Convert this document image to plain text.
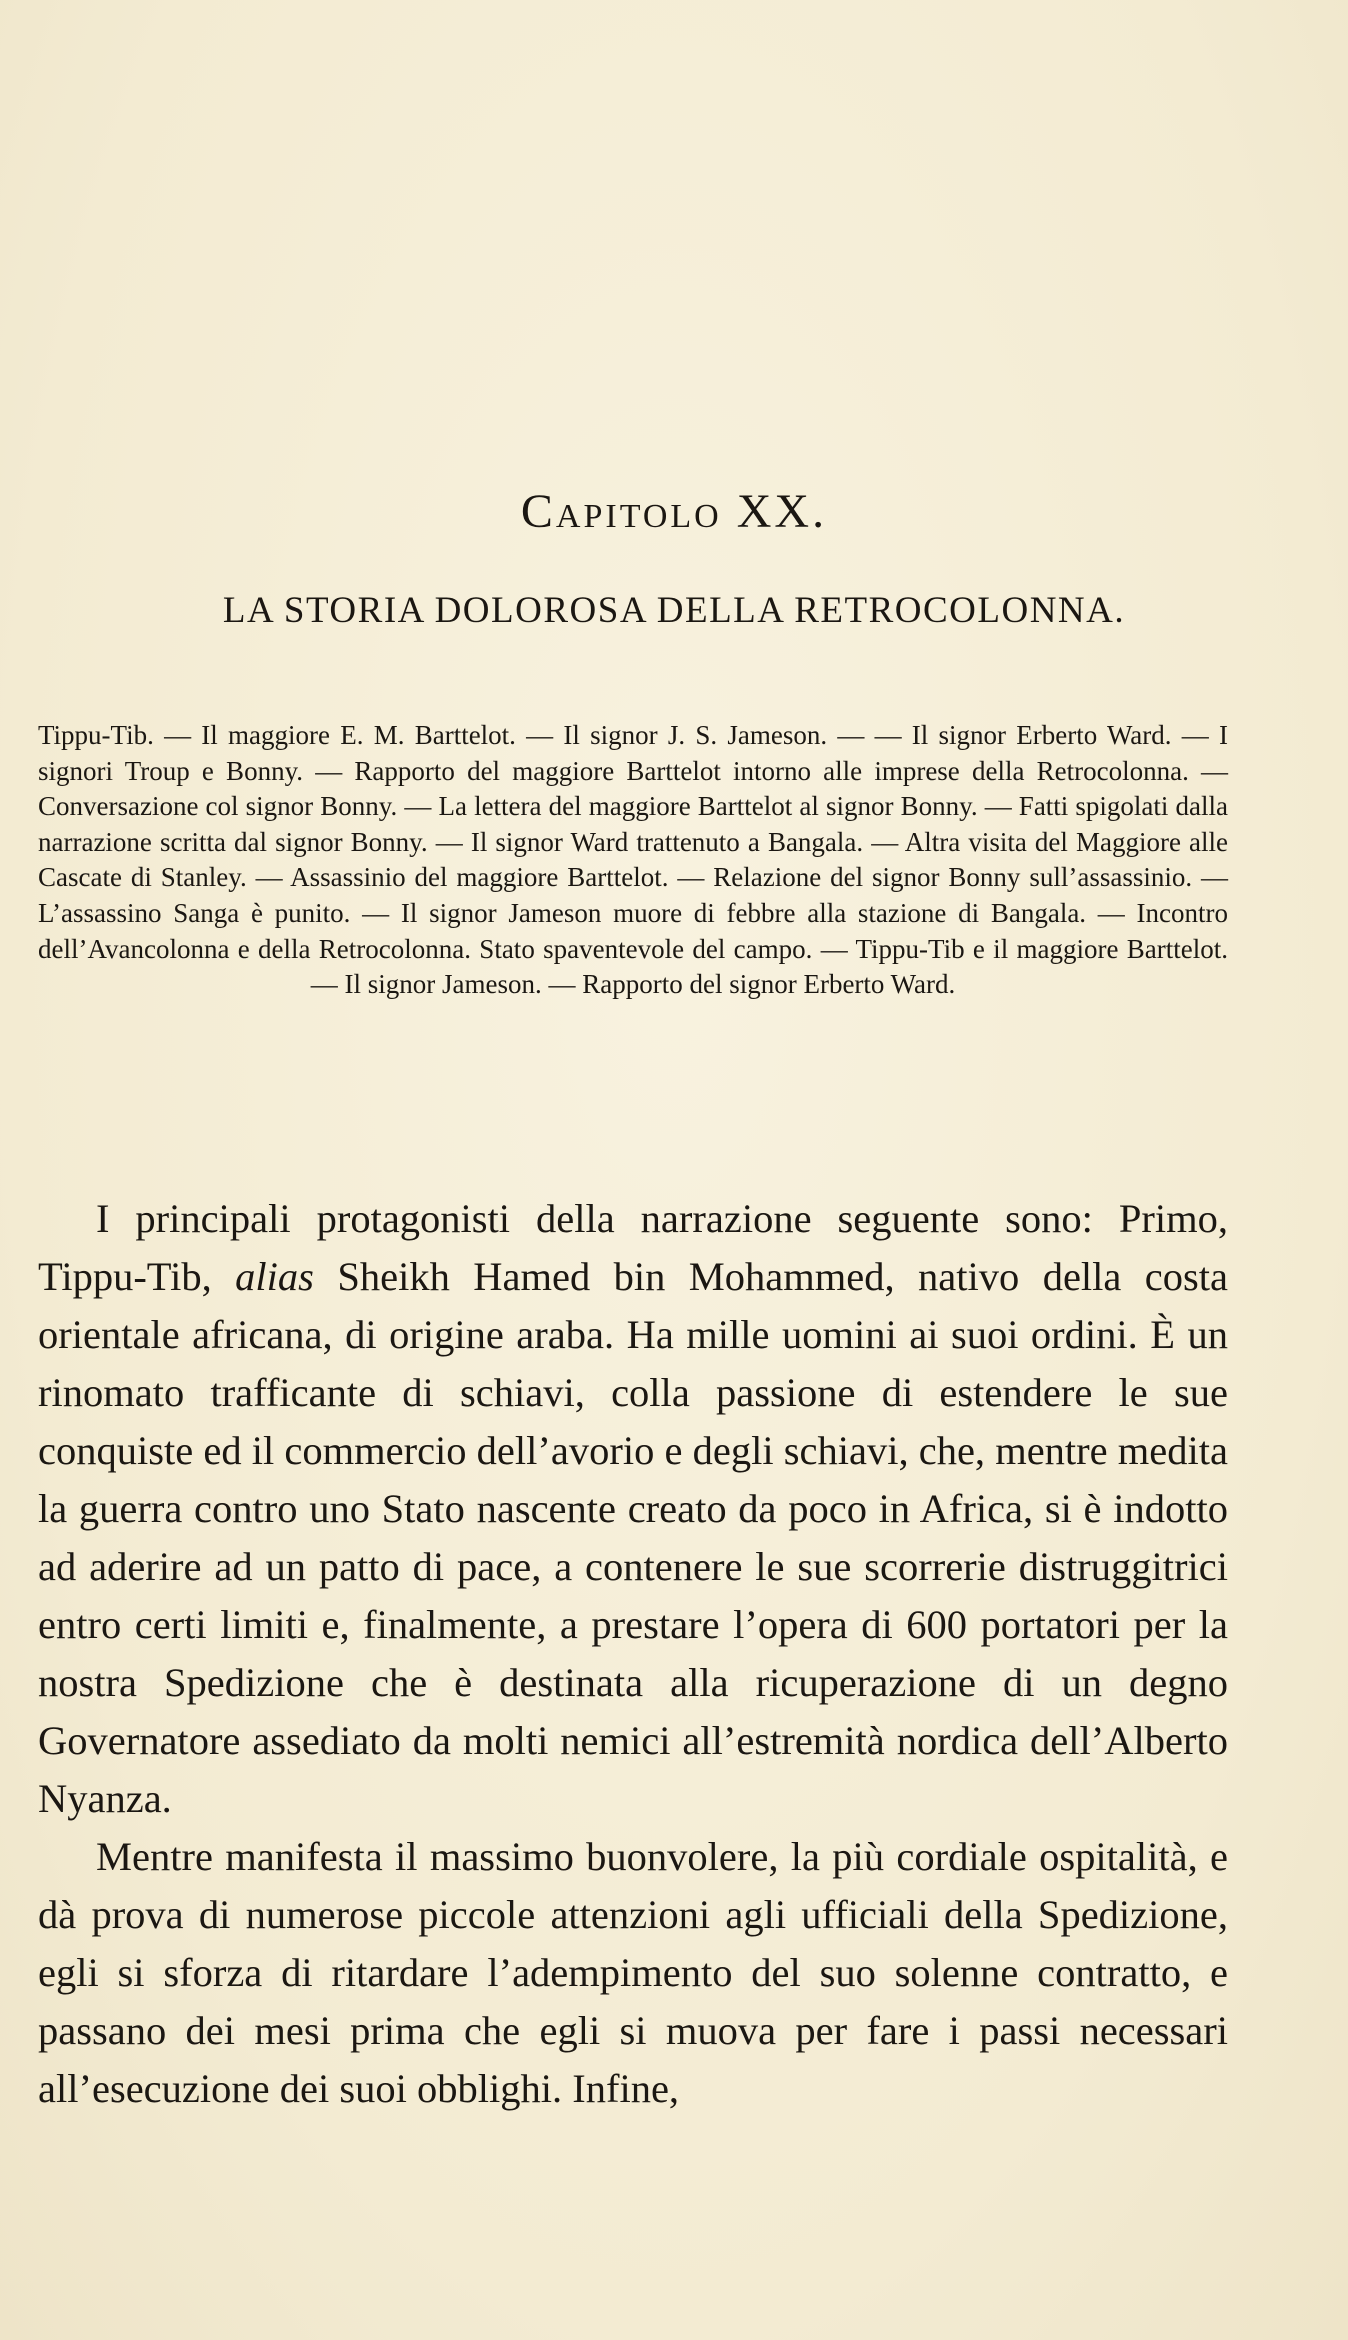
Capitolo XX.
LA STORIA DOLOROSA DELLA RETROCOLONNA.
Tippu-Tib. — Il maggiore E. M. Barttelot. — Il signor J. S. Jameson. — — Il signor Erberto Ward. — I signori Troup e Bonny. — Rapporto del maggiore Barttelot intorno alle imprese della Retrocolonna. — Conversazione col signor Bonny. — La lettera del maggiore Barttelot al signor Bonny. — Fatti spigolati dalla narrazione scritta dal signor Bonny. — Il signor Ward trattenuto a Bangala. — Altra visita del Maggiore alle Cascate di Stanley. — Assassinio del maggiore Barttelot. — Relazione del signor Bonny sull’assassinio. — L’assassino Sanga è punito. — Il signor Jameson muore di febbre alla stazione di Bangala. — Incontro dell’Avancolonna e della Retrocolonna. Stato spaventevole del campo. — Tippu-Tib e il maggiore Barttelot. — Il signor Jameson. — Rapporto del signor Erberto Ward.

I principali protagonisti della narrazione seguente sono: Primo, Tippu-Tib, alias Sheikh Hamed bin Mohammed, nativo della costa orientale africana, di origine araba. Ha mille uomini ai suoi ordini. È un rinomato trafficante di schiavi, colla passione di estendere le sue conquiste ed il commercio dell’avorio e degli schiavi, che, mentre medita la guerra contro uno Stato nascente creato da poco in Africa, si è indotto ad aderire ad un patto di pace, a contenere le sue scorrerie distruggitrici entro certi limiti e, finalmente, a prestare l’opera di 600 portatori per la nostra Spedizione che è destinata alla ricuperazione di un degno Governatore assediato da molti nemici all’estremità nordica dell’Alberto Nyanza.

Mentre manifesta il massimo buonvolere, la più cordiale ospitalità, e dà prova di numerose piccole attenzioni agli ufficiali della Spedizione, egli si sforza di ritardare l’adempimento del suo solenne contratto, e passano dei mesi prima che egli si muova per fare i passi necessari all’esecuzione dei suoi obblighi. Infine,
